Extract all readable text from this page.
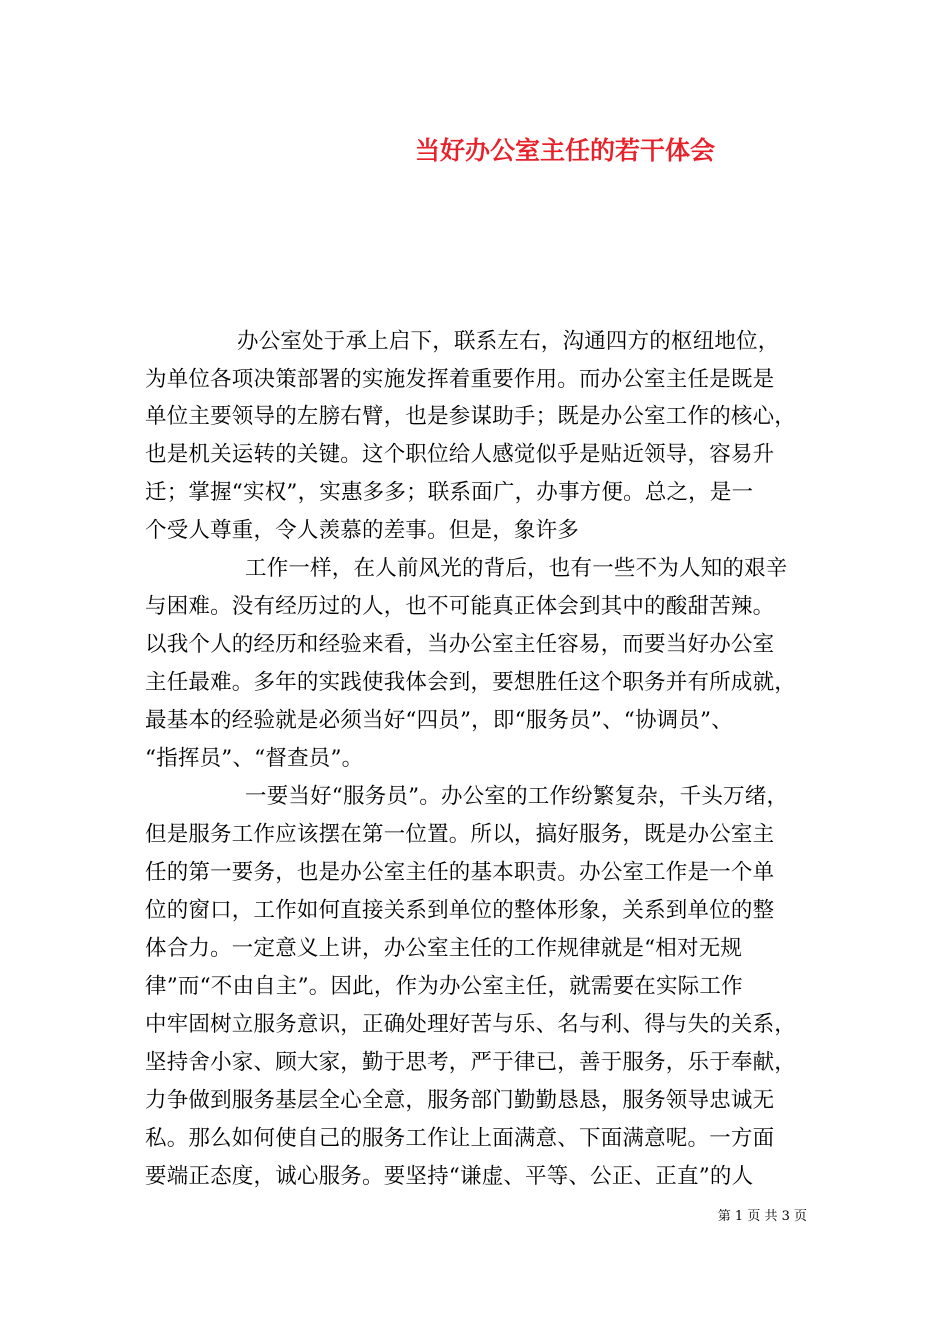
当好办公室主任的若干体会
办公室处于承上启下，联系左右，沟通四方的枢纽地位，
为单位各项决策部署的实施发挥着重要作用。而办公室主任是既是
单位主要领导的左膀右臂，也是参谋助手；既是办公室工作的核心，
也是机关运转的关键。这个职位给人感觉似乎是贴近领导，容易升
迁；掌握“实权”，实惠多多；联系面广，办事方便。总之，是一
个受人尊重，令人羡慕的差事。但是，象许多
工作一样，在人前风光的背后，也有一些不为人知的艰辛
与困难。没有经历过的人，也不可能真正体会到其中的酸甜苦辣。
以我个人的经历和经验来看，当办公室主任容易，而要当好办公室
主任最难。多年的实践使我体会到，要想胜任这个职务并有所成就，
最基本的经验就是必须当好“四员”，即“服务员”、“协调员”、
“指挥员”、“督查员”。
一要当好“服务员”。办公室的工作纷繁复杂，千头万绪，
但是服务工作应该摆在第一位置。所以，搞好服务，既是办公室主
任的第一要务，也是办公室主任的基本职责。办公室工作是一个单
位的窗口，工作如何直接关系到单位的整体形象，关系到单位的整
体合力。一定意义上讲，办公室主任的工作规律就是“相对无规
律”而“不由自主”。因此，作为办公室主任，就需要在实际工作
中牢固树立服务意识，正确处理好苦与乐、名与利、得与失的关系，
坚持舍小家、顾大家，勤于思考，严于律已，善于服务，乐于奉献，
力争做到服务基层全心全意，服务部门勤勤恳恳，服务领导忠诚无
私。那么如何使自己的服务工作让上面满意、下面满意呢。一方面
要端正态度，诚心服务。要坚持“谦虚、平等、公正、正直”的人
第 1 页 共 3 页
